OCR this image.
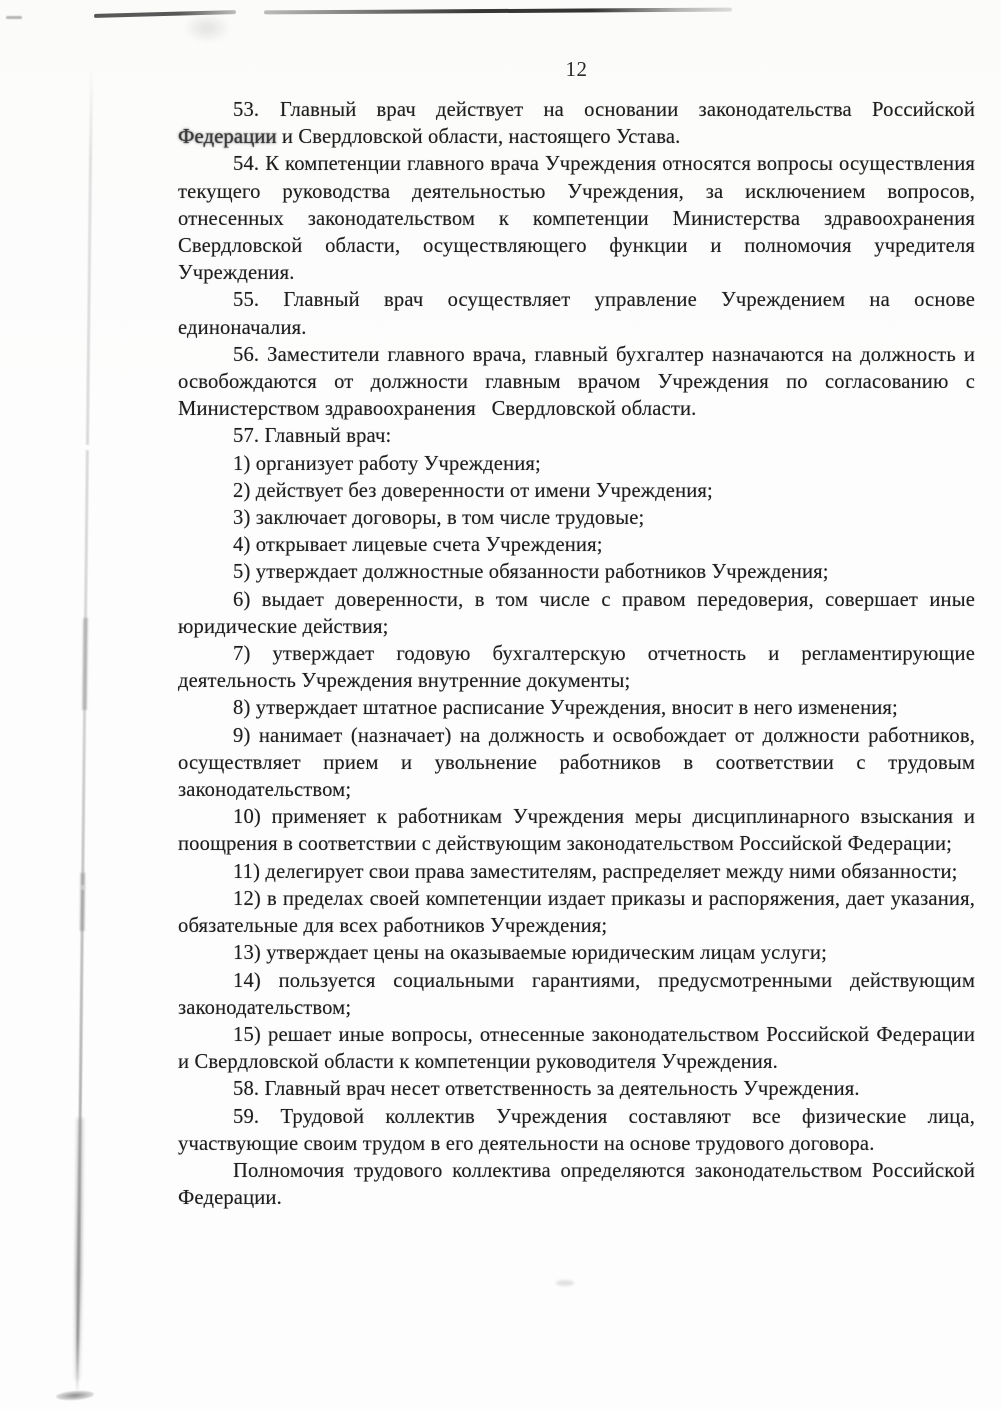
12

53. Главный врач действует на основании законодательства Российской Федерации и Свердловской области, настоящего Устава.

54. К компетенции главного врача Учреждения относятся вопросы осуществления текущего руководства деятельностью Учреждения, за исключением вопросов, отнесенных законодательством к компетенции Министерства здравоохранения Свердловской области, осуществляющего функции и полномочия учредителя Учреждения.

55. Главный врач осуществляет управление Учреждением на основе единоначалия.

56. Заместители главного врача, главный бухгалтер назначаются на должность и освобождаются от должности главным врачом Учреждения по согласованию с Министерством здравоохранения  Свердловской области.

57. Главный врач:

1) организует работу Учреждения;

2) действует без доверенности от имени Учреждения;

3) заключает договоры, в том числе трудовые;

4) открывает лицевые счета Учреждения;

5) утверждает должностные обязанности работников Учреждения;

6) выдает доверенности, в том числе с правом передоверия, совершает иные юридические действия;

7) утверждает годовую бухгалтерскую отчетность и регламентирующие деятельность Учреждения внутренние документы;

8) утверждает штатное расписание Учреждения, вносит в него изменения;

9) нанимает (назначает) на должность и освобождает от должности работников, осуществляет прием и увольнение работников в соответствии с трудовым законодательством;

10) применяет к работникам Учреждения меры дисциплинарного взыскания и поощрения в соответствии с действующим законодательством Российской Федерации;

11) делегирует свои права заместителям, распределяет между ними обязанности;

12) в пределах своей компетенции издает приказы и распоряжения, дает указания, обязательные для всех работников Учреждения;

13) утверждает цены на оказываемые юридическим лицам услуги;

14) пользуется социальными гарантиями, предусмотренными действующим законодательством;

15) решает иные вопросы, отнесенные законодательством Российской Федерации и Свердловской области к компетенции руководителя Учреждения.

58. Главный врач несет ответственность за деятельность Учреждения.

59. Трудовой коллектив Учреждения составляют все физические лица, участвующие своим трудом в его деятельности на основе трудового договора.

Полномочия трудового коллектива определяются законодательством Российской Федерации.
